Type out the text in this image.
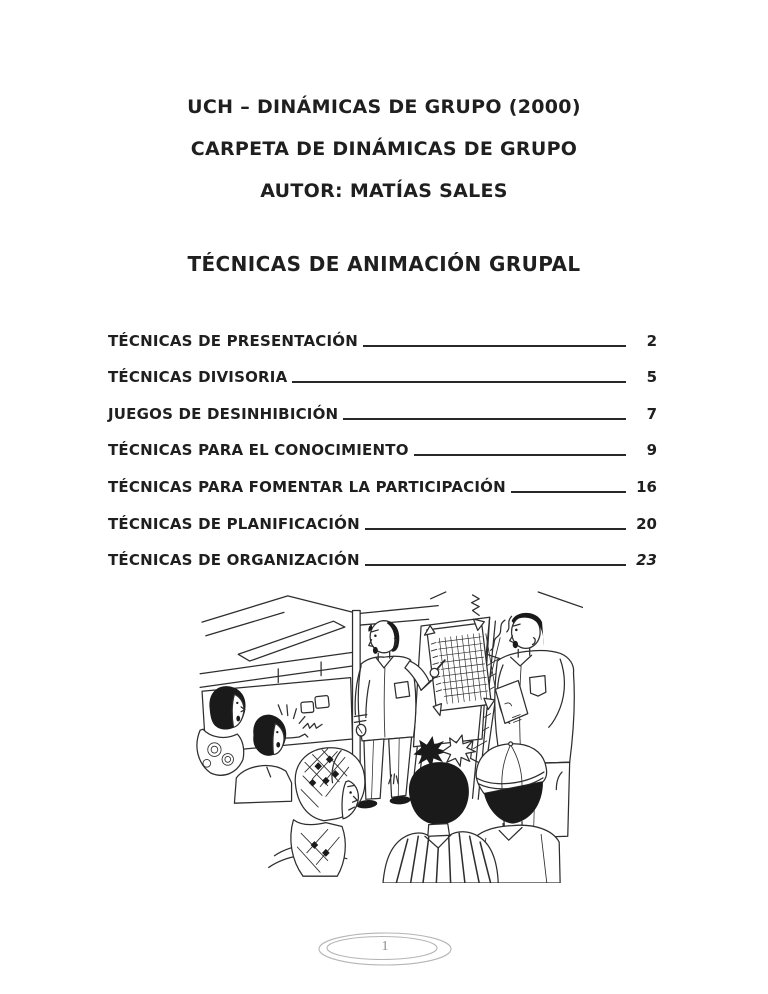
UCH – DINÁMICAS DE GRUPO (2000)
CARPETA DE DINÁMICAS DE GRUPO
AUTOR: MATÍAS SALES
TÉCNICAS DE ANIMACIÓN GRUPAL
TÉCNICAS DE PRESENTACIÓN	2
TÉCNICAS DIVISORIA	5
JUEGOS DE DESINHIBICIÓN	7
TÉCNICAS PARA EL CONOCIMIENTO	9
TÉCNICAS PARA FOMENTAR LA PARTICIPACIÓN	16
TÉCNICAS DE PLANIFICACIÓN	20
TÉCNICAS DE ORGANIZACIÓN	23
1
